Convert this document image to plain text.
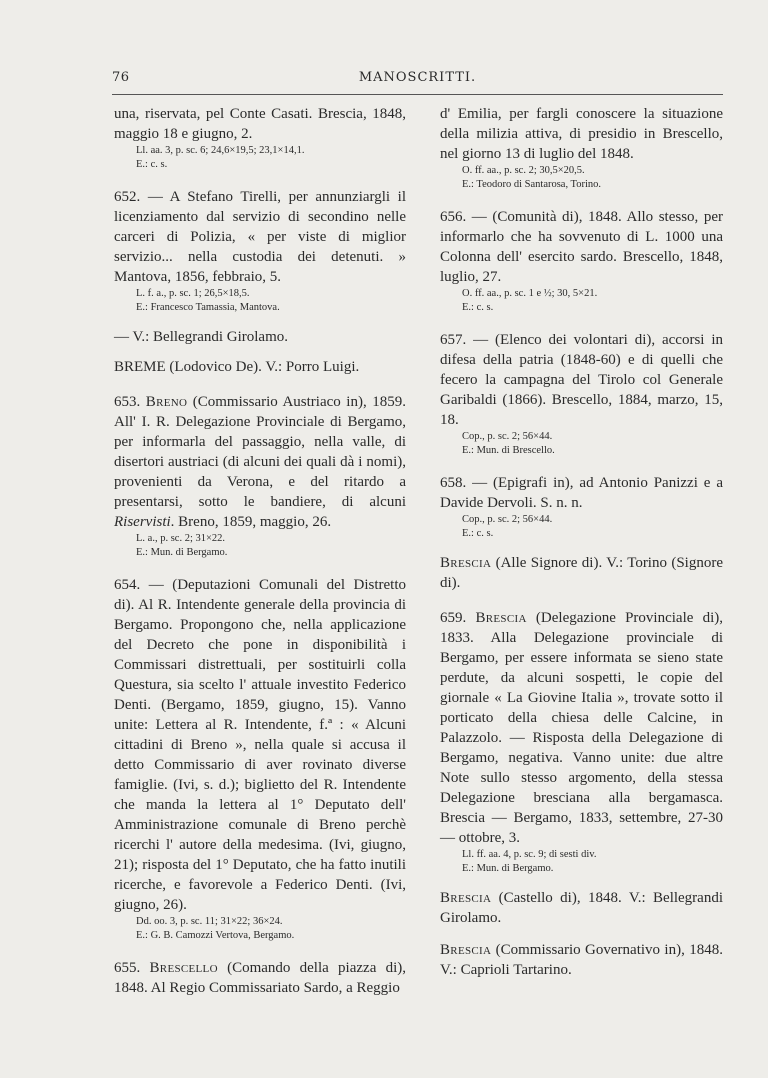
76	MANOSCRITTI.

una, riservata, pel Conte Casati. Brescia, 1848, maggio 18 e giugno, 2.

Ll. aa. 3, p. sc. 6; 24,6×19,5; 23,1×14,1.

E.: c. s.

652. — A Stefano Tirelli, per annunziargli il licenziamento dal servizio di secondino nelle carceri di Polizia, « per viste di miglior servizio... nella custodia dei detenuti. » Mantova, 1856, febbraio, 5.

L. f. a., p. sc. 1; 26,5×18,5.

E.: Francesco Tamassia, Mantova.

— V.: Bellegrandi Girolamo.

BREME (Lodovico De). V.: Porro Luigi.

653. Breno (Commissario Austriaco in), 1859. All' I. R. Delegazione Provinciale di Bergamo, per informarla del passaggio, nella valle, di disertori austriaci (di alcuni dei quali dà i nomi), provenienti da Verona, e del ritardo a presentarsi, sotto le bandiere, di alcuni Riservisti. Breno, 1859, maggio, 26.

L. a., p. sc. 2; 31×22.

E.: Mun. di Bergamo.

654. — (Deputazioni Comunali del Distretto di). Al R. Intendente generale della provincia di Bergamo. Propongono che, nella applicazione del Decreto che pone in disponibilità i Commissari distrettuali, per sostituirli colla Questura, sia scelto l' attuale investito Federico Denti. (Bergamo, 1859, giugno, 15). Vanno unite: Lettera al R. Intendente, f.ª : « Alcuni cittadini di Breno », nella quale si accusa il detto Commissario di aver rovinato diverse famiglie. (Ivi, s. d.); biglietto del R. Intendente che manda la lettera al 1° Deputato dell' Amministrazione comunale di Breno perchè ricerchi l' autore della medesima. (Ivi, giugno, 21); risposta del 1° Deputato, che ha fatto inutili ricerche, e favorevole a Federico Denti. (Ivi, giugno, 26).

Dd. oo. 3, p. sc. 11; 31×22; 36×24.

E.: G. B. Camozzi Vertova, Bergamo.

655. Brescello (Comando della piazza di), 1848. Al Regio Commissariato Sardo, a Reggio

d' Emilia, per fargli conoscere la situazione della milizia attiva, di presidio in Brescello, nel giorno 13 di luglio del 1848.

O. ff. aa., p. sc. 2; 30,5×20,5.

E.: Teodoro di Santarosa, Torino.

656. — (Comunità di), 1848. Allo stesso, per informarlo che ha sovvenuto di L. 1000 una Colonna dell' esercito sardo. Brescello, 1848, luglio, 27.

O. ff. aa., p. sc. 1 e ½; 30, 5×21.

E.: c. s.

657. — (Elenco dei volontari di), accorsi in difesa della patria (1848-60) e di quelli che fecero la campagna del Tirolo col Generale Garibaldi (1866). Brescello, 1884, marzo, 15, 18.

Cop., p. sc. 2; 56×44.

E.: Mun. di Brescello.

658. — (Epigrafi in), ad Antonio Panizzi e a Davide Dervoli. S. n. n.

Cop., p. sc. 2; 56×44.

E.: c. s.

Brescia (Alle Signore di). V.: Torino (Signore di).

659. Brescia (Delegazione Provinciale di), 1833. Alla Delegazione provinciale di Bergamo, per essere informata se sieno state perdute, da alcuni sospetti, le copie del giornale « La Giovine Italia », trovate sotto il porticato della chiesa delle Calcine, in Palazzolo. — Risposta della Delegazione di Bergamo, negativa. Vanno unite: due altre Note sullo stesso argomento, della stessa Delegazione bresciana alla bergamasca. Brescia — Bergamo, 1833, settembre, 27-30 — ottobre, 3.

Ll. ff. aa. 4, p. sc. 9; di sesti div.

E.: Mun. di Bergamo.

Brescia (Castello di), 1848. V.: Bellegrandi Girolamo.

Brescia (Commissario Governativo in), 1848. V.: Caprioli Tartarino.
